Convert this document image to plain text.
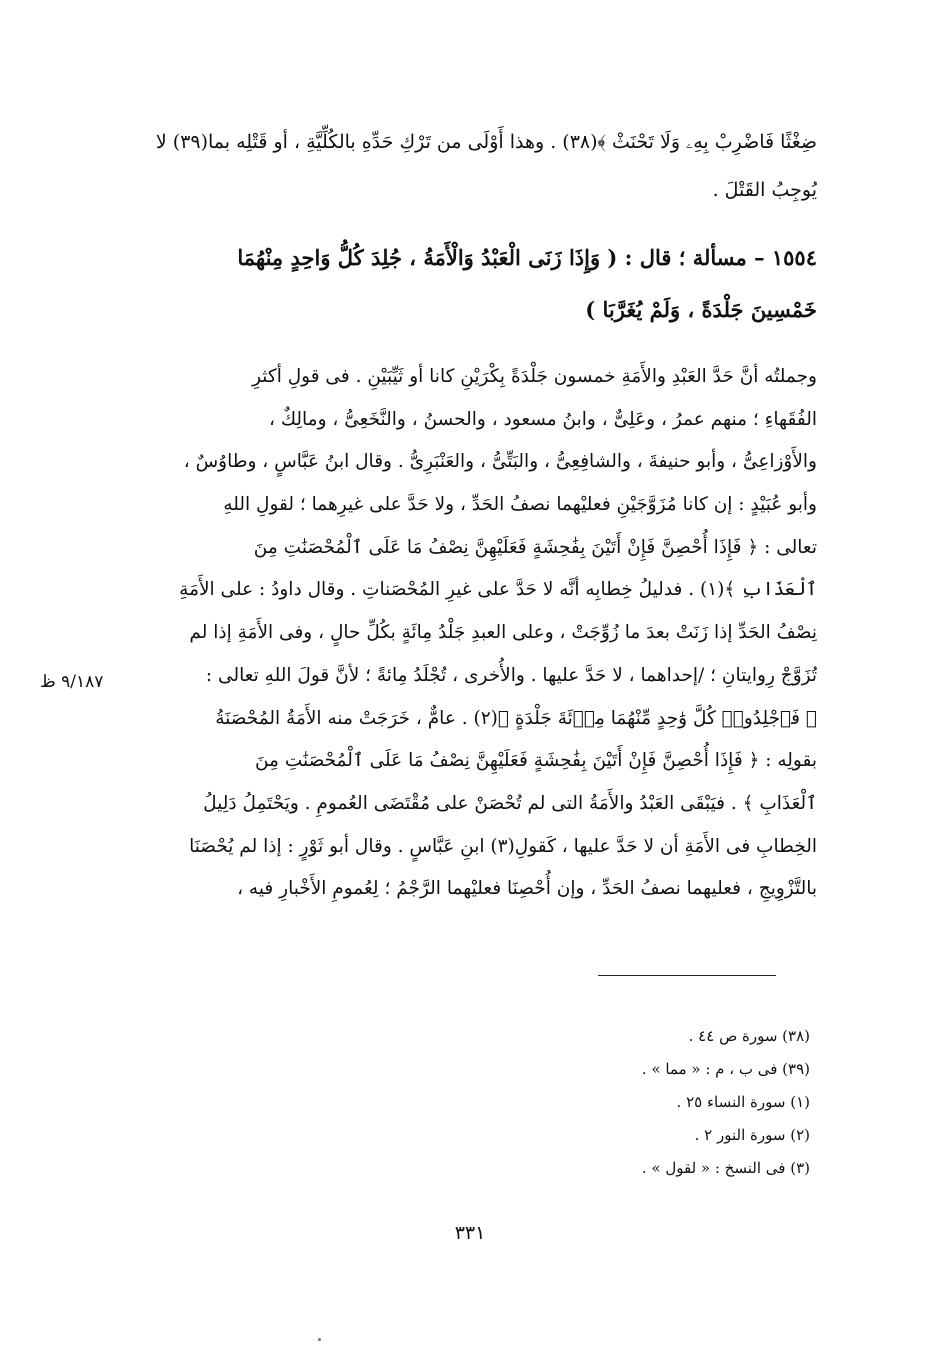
ضِغْثًا فَاضْرِبْ بِهِۦ وَلَا تَحْنَثْ ﴾(٣٨) . وهذا أَوْلَى من تَرْكِ حَدِّهِ بالكُلِّيَّةِ ، أو قَتْلِه بما(٣٩) لا
يُوجِبُ القَتْلَ .
١٥٥٤ – مسألة ؛ قال : ( وَإِذَا زَنَى الْعَبْدُ وَالْأَمَةُ ، جُلِدَ كُلُّ وَاحِدٍ مِنْهُمَا
خَمْسِينَ جَلْدَةً ، وَلَمْ يُغَرَّبَا )
وجملتُه أنَّ حَدَّ العَبْدِ والأَمَةِ خمسون جَلْدَةً بِكْرَيْنِ كانا أو ثَيِّبَيْنِ . فى قولِ أكثرِ
الفُقَهاءِ ؛ منهم عمرُ ، وعَلِىٌّ ، وابنُ مسعود ، والحسنُ ، والنَّخَعِىُّ ، ومالِكٌ ،
والأَوْزاعِىُّ ، وأبو حنيفةَ ، والشافِعِىُّ ، والبَتِّىُّ ، والعَنْبَرِىُّ . وقال ابنُ عَبَّاسٍ ، وطاوُسٌ ،
وأبو عُبَيْدٍ : إن كانا مُزَوَّجَيْنِ فعليْهما نصفُ الحَدِّ ، ولا حَدَّ على غيرِهما ؛ لقولِ اللهِ
تعالى : ﴿ فَإِذَا أُحْصِنَّ فَإِنْ أَتَيْنَ بِفَٰحِشَةٍ فَعَلَيْهِنَّ نِصْفُ مَا عَلَى ٱلْمُحْصَنَٰتِ مِنَ
ٱلْعَذَابِ ﴾(١) . فدليلُ خِطابِه أنَّه لا حَدَّ على غيرِ المُحْصَناتِ . وقال داودُ : على الأَمَةِ
نِصْفُ الحَدِّ إذا زَنَتْ بعدَ ما زُوِّجَتْ ، وعلى العبدِ جَلْدُ مِائَةٍ بكُلِّ حالٍ ، وفى الأَمَةِ إذا لم
تُزَوَّجْ رِوايتانِ ؛ /إحداهما ، لا حَدَّ عليها . والأُخرى ، تُجْلَدُ مِائةً ؛ لأنَّ قولَ اللهِ تعالى :
﴿ فَٱجْلِدُوا۟ كُلَّ وَٰحِدٍ مِّنْهُمَا مِا۟ئَةَ جَلْدَةٍ ﴾(٢) . عامٌّ ، خَرَجَتْ منه الأَمَةُ المُحْصَنَةُ
بقولِه : ﴿ فَإِذَا أُحْصِنَّ فَإِنْ أَتَيْنَ بِفَٰحِشَةٍ فَعَلَيْهِنَّ نِصْفُ مَا عَلَى ٱلْمُحْصَنَٰتِ مِنَ
ٱلْعَذَابِ ﴾ . فيَبْقَى العَبْدُ والأَمَةُ التى لم تُحْصَنْ على مُقْتَضَى العُمومِ . ويَحْتَمِلُ دَلِيلُ
الخِطابِ فى الأَمَةِ أن لا حَدَّ عليها ، كَقولِ(٣) ابنِ عَبَّاسٍ . وقال أبو ثَوْرٍ : إذا لم يُحْصَنَا
بالتَّزْوِيجِ ، فعليهما نصفُ الحَدِّ ، وإن أُحْصِنَا فعليْهما الرَّجْمُ ؛ لِعُمومِ الأَخْبارِ فيه ،
٩/١٨٧ ظ
(٣٨) سورة ص ٤٤ .
(٣٩) فى ب ، م : « مما » .
(١) سورة النساء ٢٥ .
(٢) سورة النور ٢ .
(٣) فى النسخ : « لقول » .
٣٣١
